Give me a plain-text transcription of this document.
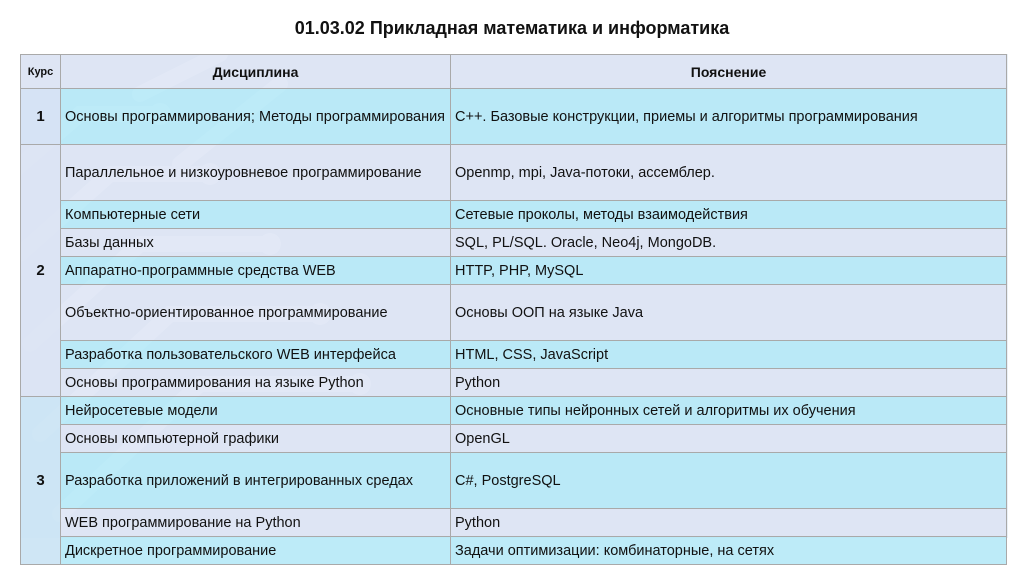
01.03.02 Прикладная математика и информатика
Курс	Дисциплина	Пояснение
1	Основы программирования; Методы программирования	С++. Базовые конструкции, приемы и алгоритмы программирования
2	Параллельное и низкоуровневое программирование	Openmp, mpi, Java-потоки, ассемблер.
	Компьютерные сети	Сетевые проколы, методы взаимодействия
	Базы данных	SQL, PL/SQL. Oracle, Neo4j, MongoDB.
	Аппаратно-программные средства WEB	HTTP, PHP, MySQL
	Объектно-ориентированное программирование	Основы ООП на языке Java
	Разработка пользовательского WEB интерфейса	HTML, CSS, JavaScript
	Основы программирования на языке Python	Python
3	Нейросетевые модели	Основные типы нейронных сетей и алгоритмы их обучения
	Основы компьютерной графики	OpenGL
	Разработка приложений в интегрированных средах	C#, PostgreSQL
	WEB программирование на Python	Python
	Дискретное программирование	Задачи оптимизации: комбинаторные, на сетях
